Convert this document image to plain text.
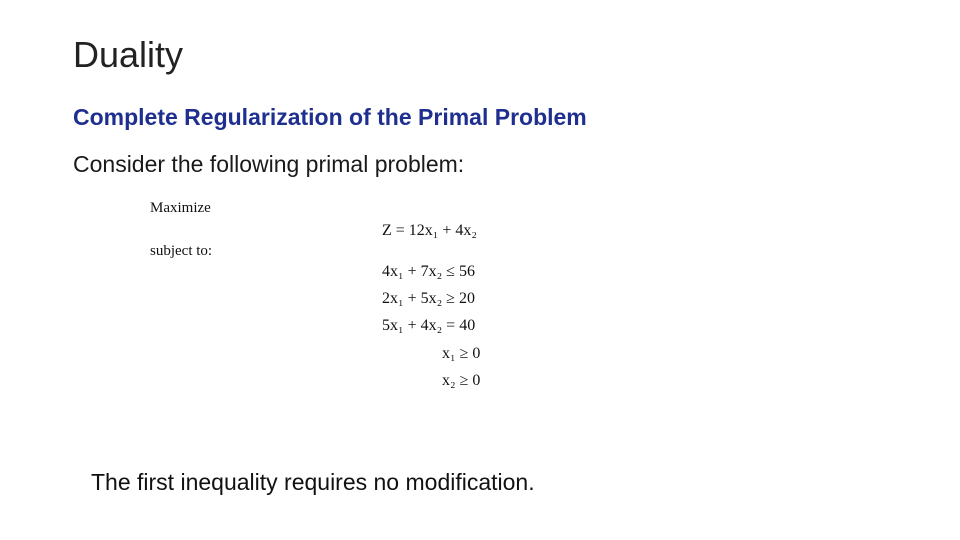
Duality
Complete Regularization of the Primal Problem
Consider the following primal problem:
Maximize
subject to:
Z = 12x₁ + 4x₂
4x₁ + 7x₂ ≤ 56
2x₁ + 5x₂ ≥ 20
5x₁ + 4x₂ = 40
x₁ ≥ 0
x₂ ≥ 0
The first inequality requires no modification.
